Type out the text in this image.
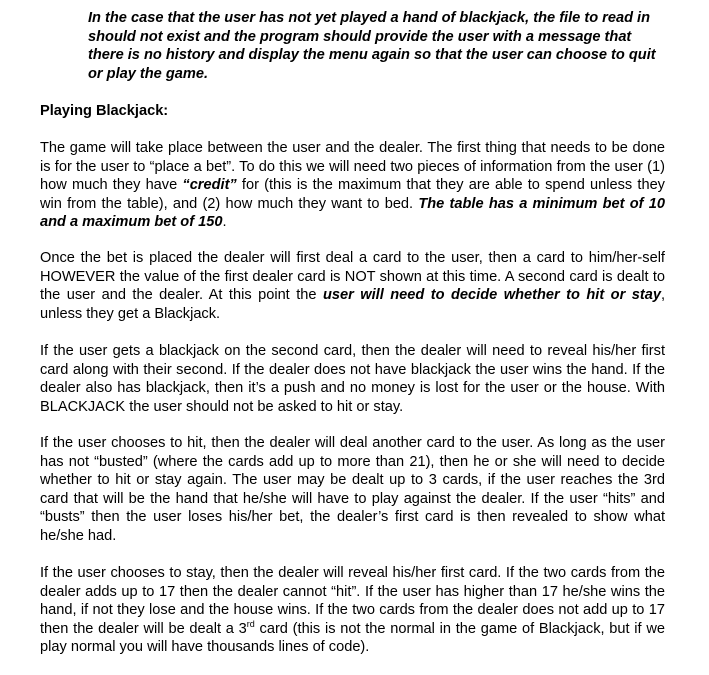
In the case that the user has not yet played a hand of blackjack, the file to read in should not exist and the program should provide the user with a message that there is no history and display the menu again so that the user can choose to quit or play the game.

Playing Blackjack:

The game will take place between the user and the dealer. The first thing that needs to be done is for the user to “place a bet”. To do this we will need two pieces of information from the user (1) how much they have “credit” for (this is the maximum that they are able to spend unless they win from the table), and (2) how much they want to bed. The table has a minimum bet of 10 and a maximum bet of 150.

Once the bet is placed the dealer will first deal a card to the user, then a card to him/her-self HOWEVER the value of the first dealer card is NOT shown at this time. A second card is dealt to the user and the dealer. At this point the user will need to decide whether to hit or stay, unless they get a Blackjack.

If the user gets a blackjack on the second card, then the dealer will need to reveal his/her first card along with their second. If the dealer does not have blackjack the user wins the hand. If the dealer also has blackjack, then it’s a push and no money is lost for the user or the house. With BLACKJACK the user should not be asked to hit or stay.

If the user chooses to hit, then the dealer will deal another card to the user. As long as the user has not “busted” (where the cards add up to more than 21), then he or she will need to decide whether to hit or stay again. The user may be dealt up to 3 cards, if the user reaches the 3rd card that will be the hand that he/she will have to play against the dealer. If the user “hits” and “busts” then the user loses his/her bet, the dealer’s first card is then revealed to show what he/she had.

If the user chooses to stay, then the dealer will reveal his/her first card. If the two cards from the dealer adds up to 17 then the dealer cannot “hit”. If the user has higher than 17 he/she wins the hand, if not they lose and the house wins. If the two cards from the dealer does not add up to 17 then the dealer will be dealt a 3rd card (this is not the normal in the game of Blackjack, but if we play normal you will have thousands lines of code).
